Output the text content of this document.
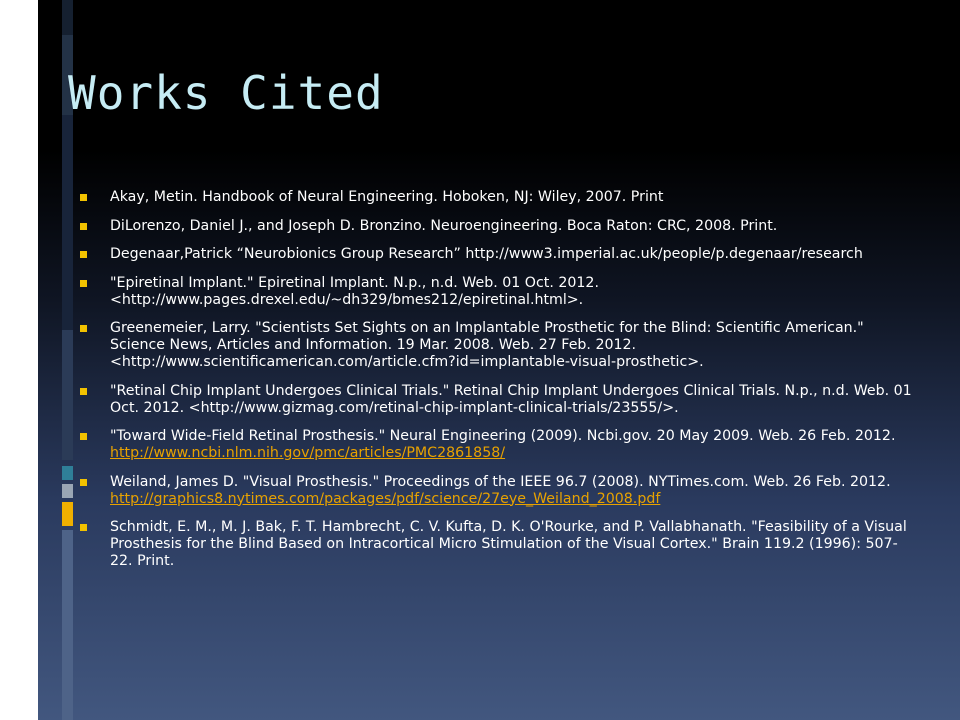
Works Cited
Akay, Metin. Handbook of Neural Engineering. Hoboken, NJ: Wiley, 2007. Print
DiLorenzo, Daniel J., and Joseph D. Bronzino. Neuroengineering. Boca Raton: CRC, 2008. Print.
Degenaar,Patrick “Neurobionics Group Research” http://www3.imperial.ac.uk/people/p.degenaar/research
"Epiretinal Implant." Epiretinal Implant. N.p., n.d. Web. 01 Oct. 2012. <http://www.pages.drexel.edu/~dh329/bmes212/epiretinal.html>.
Greenemeier, Larry. "Scientists Set Sights on an Implantable Prosthetic for the Blind: Scientific American." Science News, Articles and Information. 19 Mar. 2008. Web. 27 Feb. 2012. <http://www.scientificamerican.com/article.cfm?id=implantable-visual-prosthetic>.
"Retinal Chip Implant Undergoes Clinical Trials." Retinal Chip Implant Undergoes Clinical Trials. N.p., n.d. Web. 01 Oct. 2012. <http://www.gizmag.com/retinal-chip-implant-clinical-trials/23555/>.
"Toward Wide-Field Retinal Prosthesis." Neural Engineering (2009). Ncbi.gov. 20 May 2009. Web. 26 Feb. 2012. http://www.ncbi.nlm.nih.gov/pmc/articles/PMC2861858/
Weiland, James D. "Visual Prosthesis." Proceedings of the IEEE 96.7 (2008). NYTimes.com. Web. 26 Feb. 2012. http://graphics8.nytimes.com/packages/pdf/science/27eye_Weiland_2008.pdf
Schmidt, E. M., M. J. Bak, F. T. Hambrecht, C. V. Kufta, D. K. O'Rourke, and P. Vallabhanath. "Feasibility of a Visual Prosthesis for the Blind Based on Intracortical Micro Stimulation of the Visual Cortex." Brain 119.2 (1996): 507-22. Print.
